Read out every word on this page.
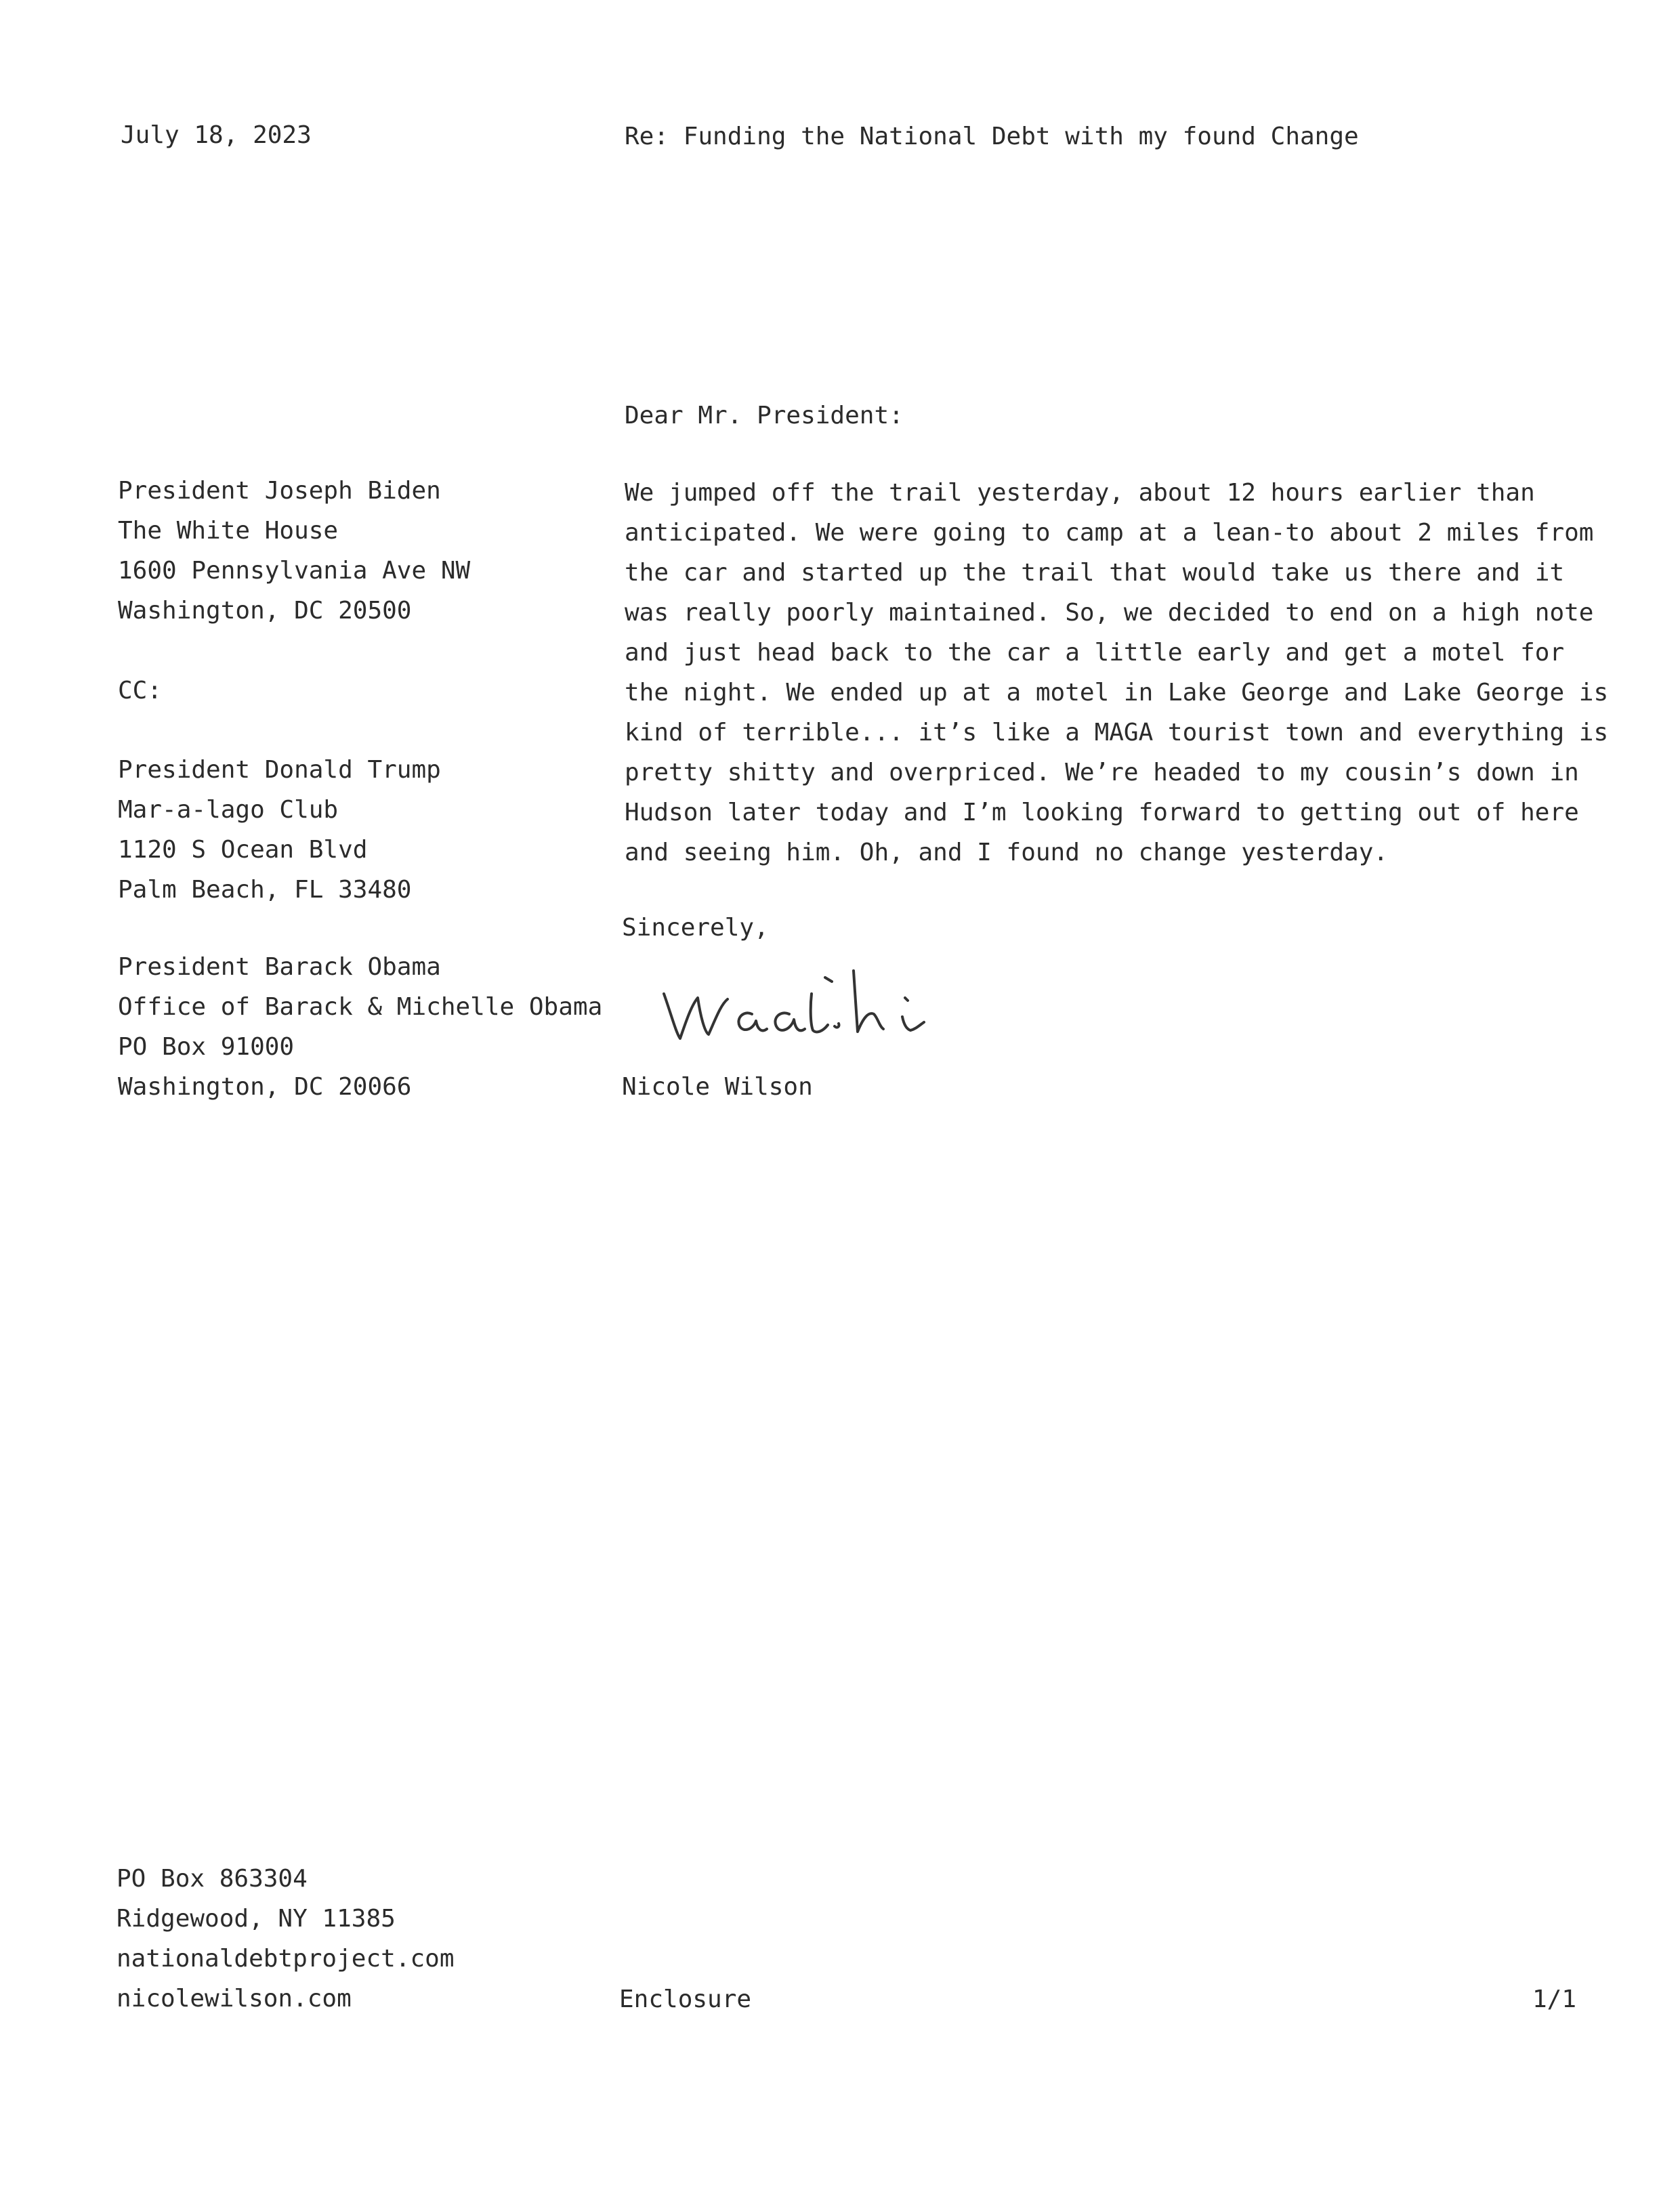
July 18, 2023	Re: Funding the National Debt with my found Change
Dear Mr. President:
President Joseph Biden
The White House
1600 Pennsylvania Ave NW
Washington, DC 20500
CC:
President Donald Trump
Mar-a-lago Club
1120 S Ocean Blvd
Palm Beach, FL 33480
President Barack Obama
Office of Barack & Michelle Obama
PO Box 91000
Washington, DC 20066
We jumped off the trail yesterday, about 12 hours earlier than
anticipated. We were going to camp at a lean-to about 2 miles from
the car and started up the trail that would take us there and it
was really poorly maintained. So, we decided to end on a high note
and just head back to the car a little early and get a motel for
the night. We ended up at a motel in Lake George and Lake George is
kind of terrible... it’s like a MAGA tourist town and everything is
pretty shitty and overpriced. We’re headed to my cousin’s down in
Hudson later today and I’m looking forward to getting out of here
and seeing him. Oh, and I found no change yesterday.
Sincerely,
Nicole Wilson
PO Box 863304
Ridgewood, NY 11385
nationaldebtproject.com
nicolewilson.com	Enclosure	1/1
